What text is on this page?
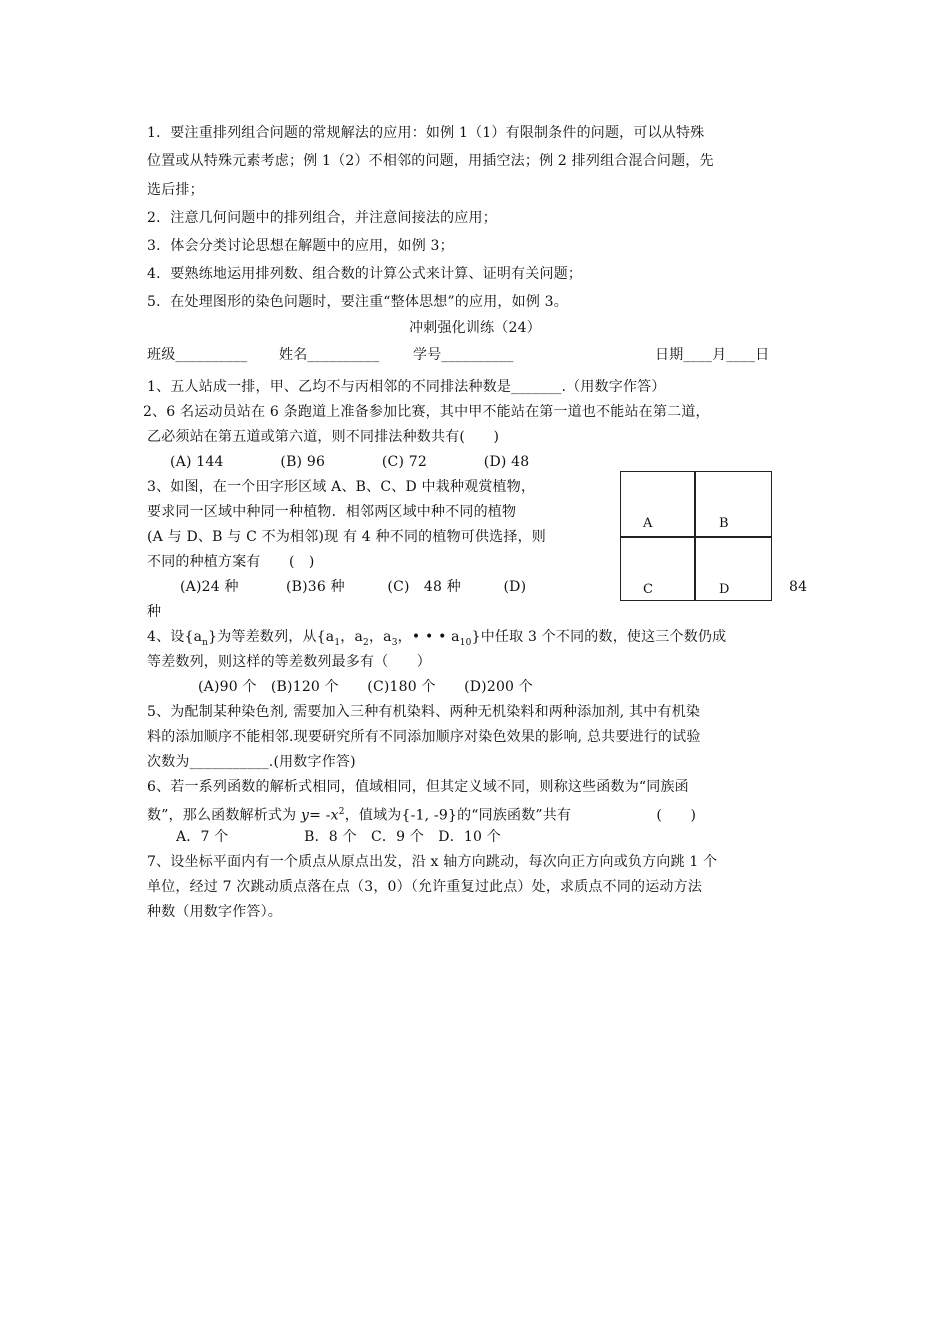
1．要注重排列组合问题的常规解法的应用：如例 1（1）有限制条件的问题，可以从特殊
位置或从特殊元素考虑；例 1（2）不相邻的问题，用插空法；例 2 排列组合混合问题，先
选后排；
2．注意几何问题中的排列组合，并注意间接法的应用；
3．体会分类讨论思想在解题中的应用，如例 3；
4．要熟练地运用排列数、组合数的计算公式来计算、证明有关问题；
5．在处理图形的染色问题时，要注重“整体思想”的应用，如例 3。
冲刺强化训练（24）
班级__________ 姓名__________ 学号__________	日期____月____日
1、五人站成一排，甲、乙均不与丙相邻的不同排法种数是_______.（用数字作答）
2、6 名运动员站在 6 条跑道上准备参加比赛，其中甲不能站在第一道也不能站在第二道，
乙必须站在第五道或第六道，则不同排法种数共有(　　)
(A) 144　　　　(B) 96　　　　(C) 72　　　　(D) 48
3、如图，在一个田字形区域 A、B、C、D 中栽种观赏植物，
要求同一区域中种同一种植物．相邻两区域中种不同的植物
(A 与 D、B 与 C 不为相邻)现 有 4 种不同的植物可供选择，则
不同的种植方案有　　(　)
(A)24 种　　　 (B)36 种　　　(C)　48 种　　　(D)	84
种
A	B
C	D
4、设$\{a_n\}$为等差数列，从{$a_1$，$a_2$，$a_3$，• • • $a_{10}$}中任取 3 个不同的数，使这三个数仍成
等差数列，则这样的等差数列最多有（　　）
(A)90 个　(B)120 个　　(C)180 个　　(D)200 个
5、为配制某种染色剂, 需要加入三种有机染料、两种无机染料和两种添加剂, 其中有机染
料的添加顺序不能相邻.现要研究所有不同添加顺序对染色效果的影响, 总共要进行的试验
次数为___________.(用数字作答)
6、若一系列函数的解析式相同，值域相同，但其定义域不同，则称这些函数为“同族函
数”，那么函数解析式为 $y= -x^2$，值域为{-1, -9}的“同族函数”共有　　　　　　(　　)
A．7 个　　　　　 B．8 个　C．9 个　D．10 个
7、设坐标平面内有一个质点从原点出发，沿 x 轴方向跳动，每次向正方向或负方向跳 1 个
单位，经过 7 次跳动质点落在点（3，0）（允许重复过此点）处，求质点不同的运动方法
种数（用数字作答）。
